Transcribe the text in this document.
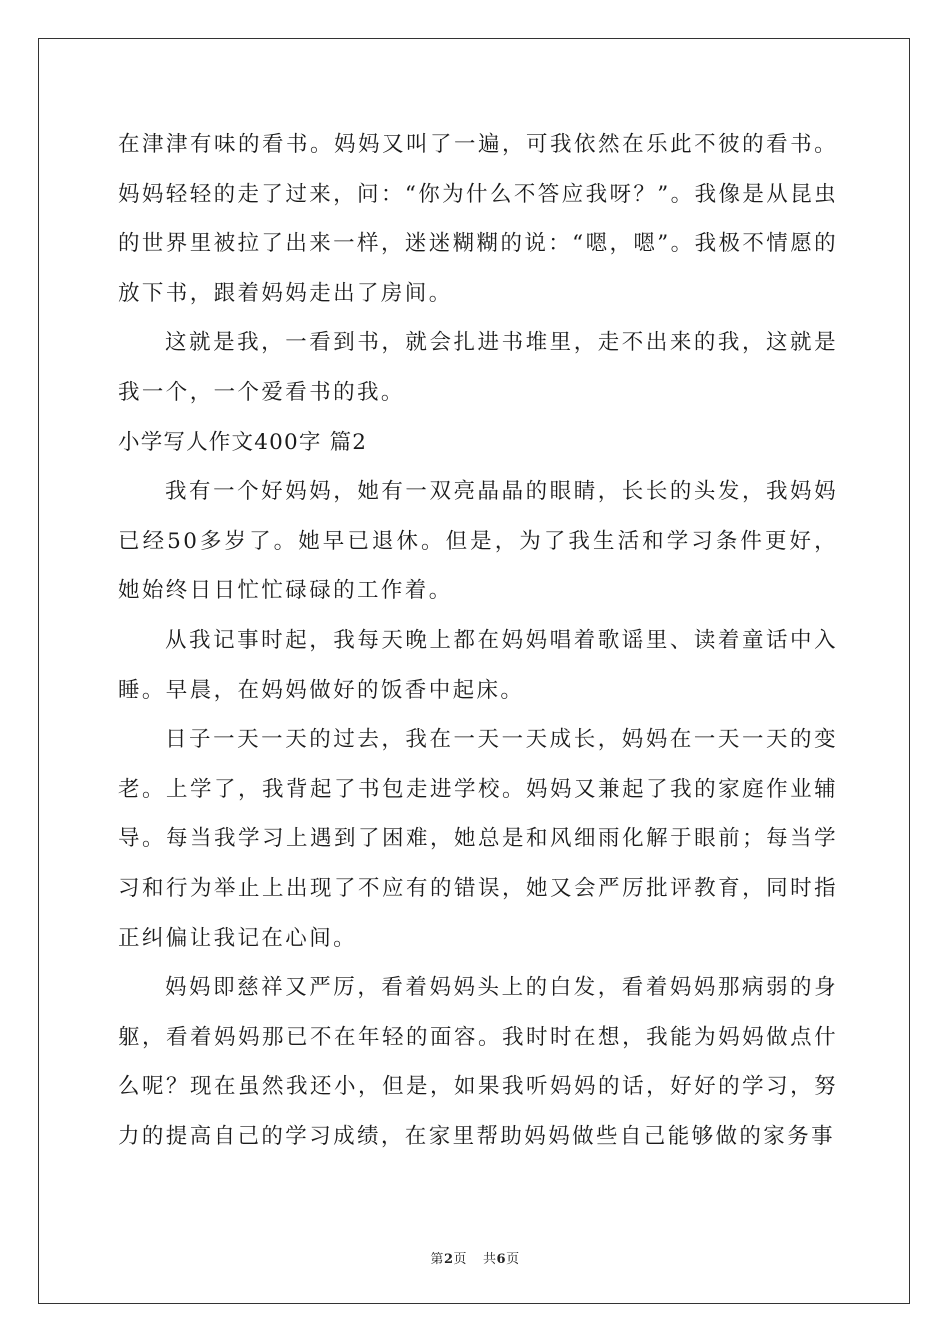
在津津有味的看书。妈妈又叫了一遍，可我依然在乐此不彼的看书。妈妈轻轻的走了过来，问：“你为什么不答应我呀？”。我像是从昆虫的世界里被拉了出来一样，迷迷糊糊的说：“嗯，嗯”。我极不情愿的放下书，跟着妈妈走出了房间。

这就是我，一看到书，就会扎进书堆里，走不出来的我，这就是我一个，一个爱看书的我。

小学写人作文400字 篇2

我有一个好妈妈，她有一双亮晶晶的眼睛，长长的头发，我妈妈已经50多岁了。她早已退休。但是，为了我生活和学习条件更好，她始终日日忙忙碌碌的工作着。

从我记事时起，我每天晚上都在妈妈唱着歌谣里、读着童话中入睡。早晨，在妈妈做好的饭香中起床。

日子一天一天的过去，我在一天一天成长，妈妈在一天一天的变老。上学了，我背起了书包走进学校。妈妈又兼起了我的家庭作业辅导。每当我学习上遇到了困难，她总是和风细雨化解于眼前；每当学习和行为举止上出现了不应有的错误，她又会严厉批评教育，同时指正纠偏让我记在心间。

妈妈即慈祥又严厉，看着妈妈头上的白发，看着妈妈那病弱的身躯，看着妈妈那已不在年轻的面容。我时时在想，我能为妈妈做点什么呢？现在虽然我还小，但是，如果我听妈妈的话，好好的学习，努力的提高自己的学习成绩，在家里帮助妈妈做些自己能够做的家务事

第2页 共6页
